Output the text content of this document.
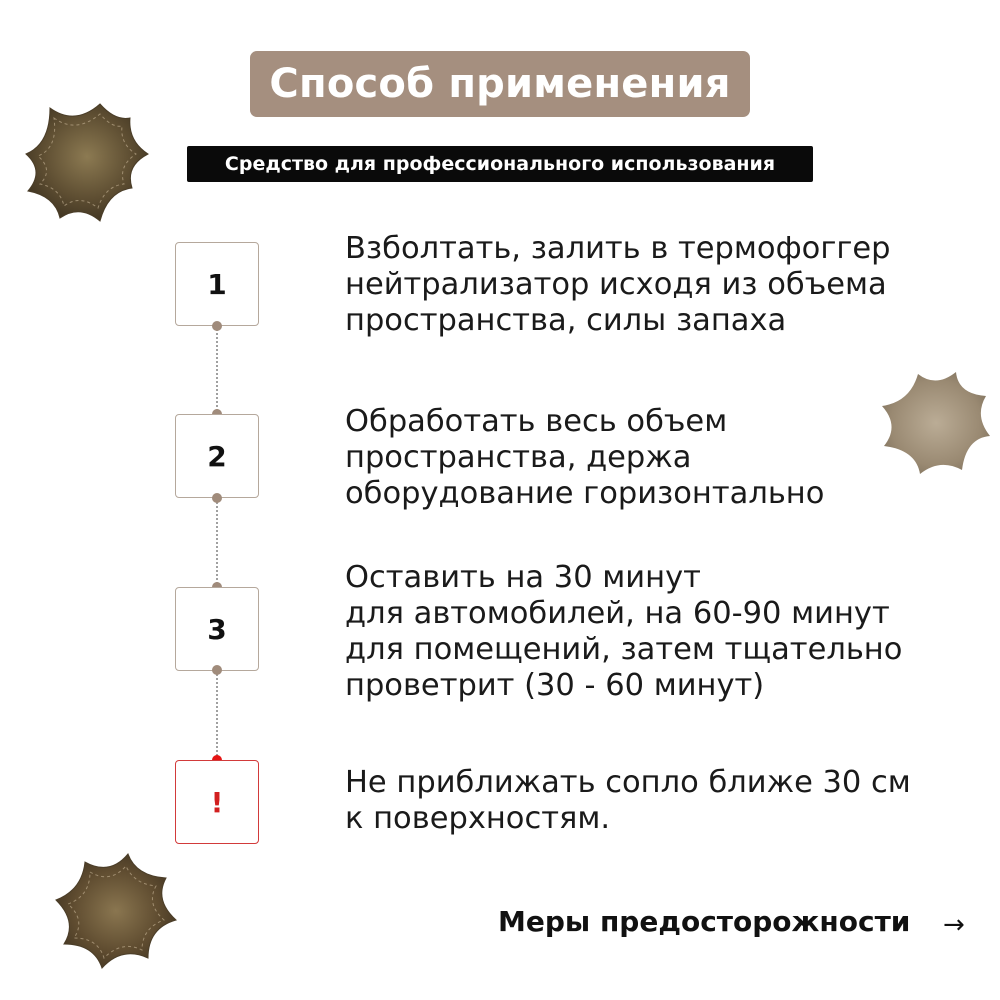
Способ применения
Средство для профессионального использования
1
Взболтать, залить в термофоггер
нейтрализатор исходя из объема
пространства, силы запаха
2
Обработать весь объем
пространства, держа
оборудование горизонтально
3
Оставить на 30 минут
для автомобилей, на 60-90 минут
для помещений, затем тщательно
проветрит (30 - 60 минут)
!
Не приближать сопло ближе 30 см
к поверхностям.
Меры предосторожности →
